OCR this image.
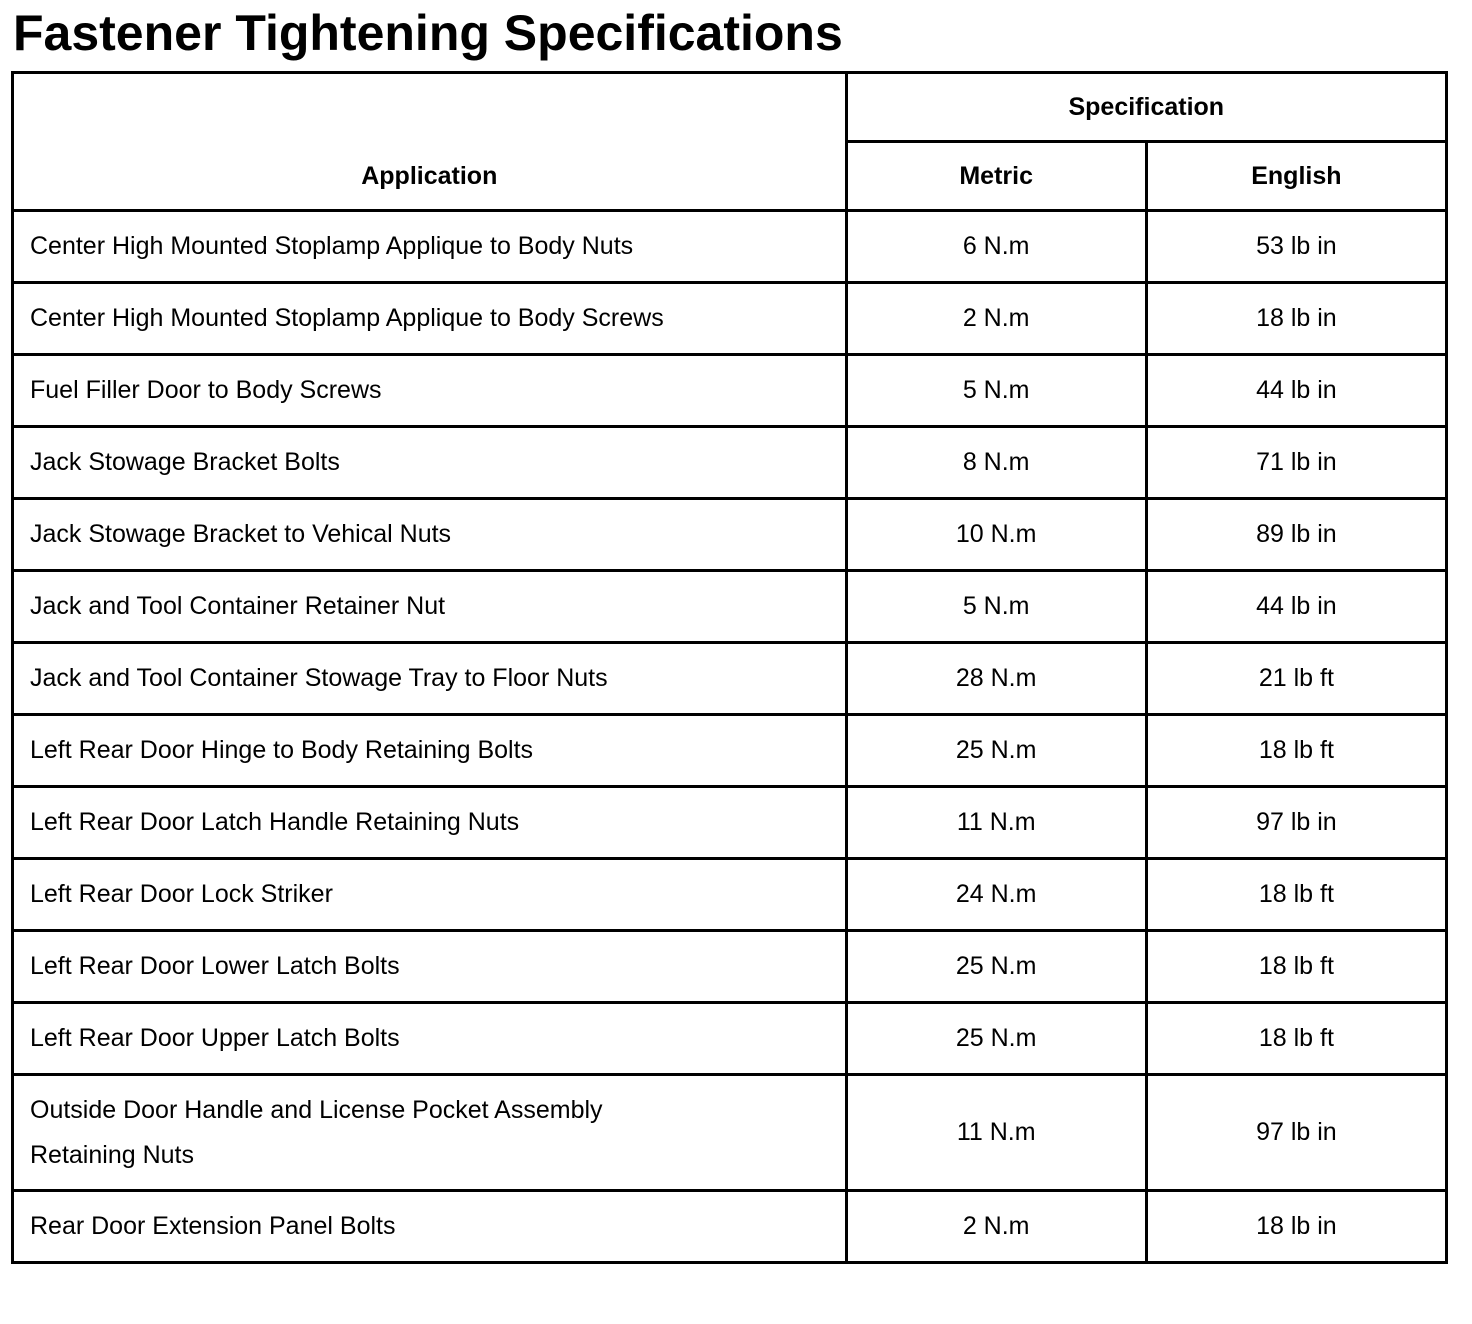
Fastener Tightening Specifications
Application	Specification	
	Metric	English
Center High Mounted Stoplamp Applique to Body Nuts	6 N.m	53 lb in
Center High Mounted Stoplamp Applique to Body Screws	2 N.m	18 lb in
Fuel Filler Door to Body Screws	5 N.m	44 lb in
Jack Stowage Bracket Bolts	8 N.m	71 lb in
Jack Stowage Bracket to Vehical Nuts	10 N.m	89 lb in
Jack and Tool Container Retainer Nut	5 N.m	44 lb in
Jack and Tool Container Stowage Tray to Floor Nuts	28 N.m	21 lb ft
Left Rear Door Hinge to Body Retaining Bolts	25 N.m	18 lb ft
Left Rear Door Latch Handle Retaining Nuts	11 N.m	97 lb in
Left Rear Door Lock Striker	24 N.m	18 lb ft
Left Rear Door Lower Latch Bolts	25 N.m	18 lb ft
Left Rear Door Upper Latch Bolts	25 N.m	18 lb ft
Outside Door Handle and License Pocket Assembly Retaining Nuts	11 N.m	97 lb in
Rear Door Extension Panel Bolts	2 N.m	18 lb in
